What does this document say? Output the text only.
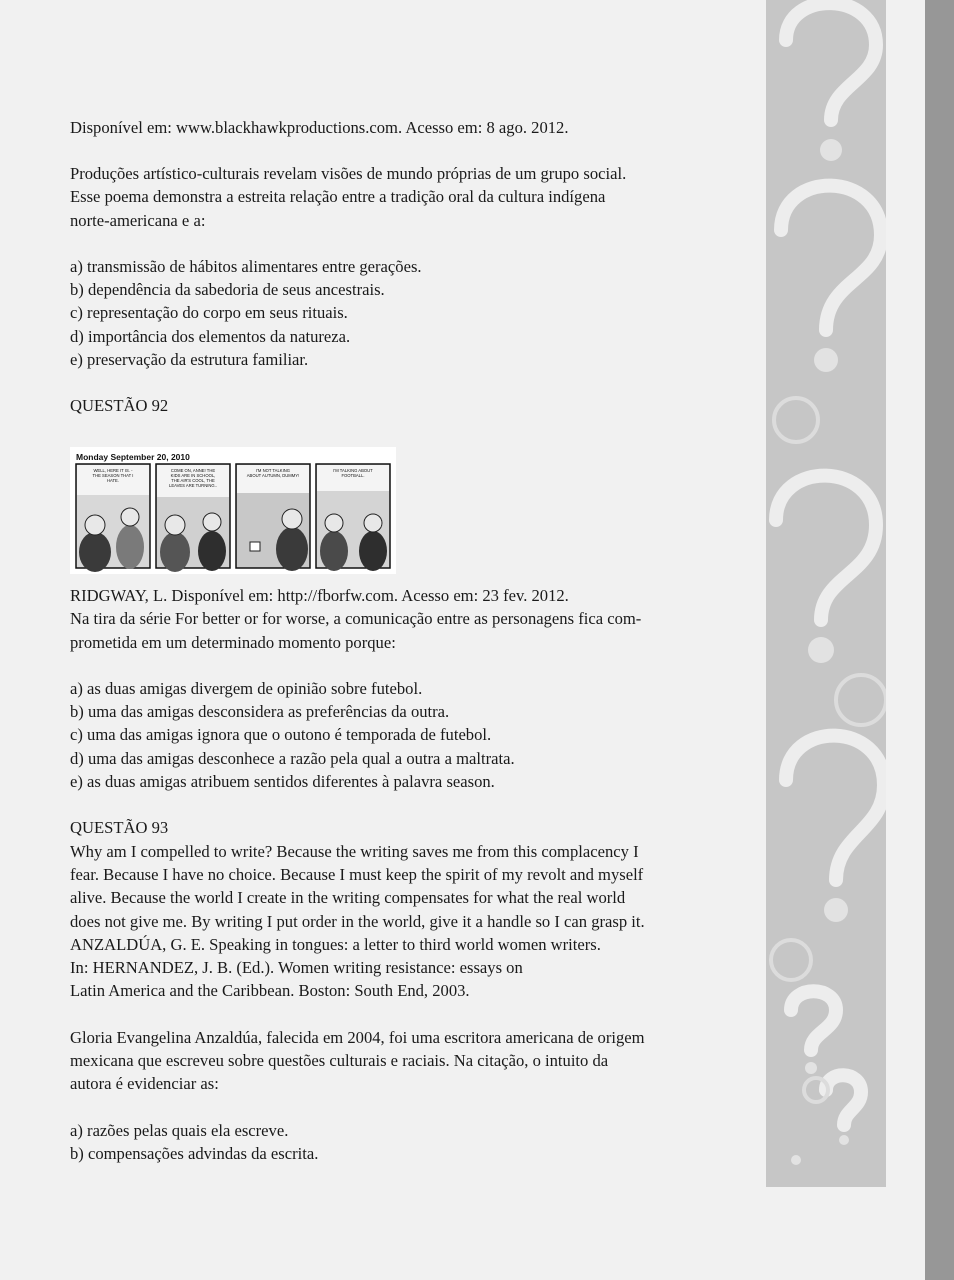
Disponível em: www.blackhawkproductions.com. Acesso em: 8 ago. 2012.

Produções artístico-culturais revelam visões de mundo próprias de um grupo social.

Esse poema demonstra a estreita relação entre a tradição oral da cultura indígena

norte-americana e a:

a) transmissão de hábitos alimentares entre gerações.

b) dependência da sabedoria de seus ancestrais.

c) representação do corpo em seus rituais.

d) importância dos elementos da natureza.

e) preservação da estrutura familiar.

QUESTÃO 92

RIDGWAY, L. Disponível em: http://fborfw.com. Acesso em: 23 fev. 2012.

Na tira da série For better or for worse, a comunicação entre as personagens fica com-

prometida em um determinado momento porque:

a) as duas amigas divergem de opinião sobre futebol.

b) uma das amigas desconsidera as preferências da outra.

c) uma das amigas ignora que o outono é temporada de futebol.

d) uma das amigas desconhece a razão pela qual a outra a maltrata.

e) as duas amigas atribuem sentidos diferentes à palavra season.

QUESTÃO 93

Why am I compelled to write? Because the writing saves me from this complacency I

fear. Because I have no choice. Because I must keep the spirit of my revolt and myself

alive. Because the world I create in the writing compensates for what the real world

does not give me. By writing I put order in the world, give it a handle so I can grasp it.

ANZALDÚA, G. E. Speaking in tongues: a letter to third world women writers.

In: HERNANDEZ, J. B. (Ed.). Women writing resistance: essays on

Latin America and the Caribbean. Boston: South End, 2003.

Gloria Evangelina Anzaldúa, falecida em 2004, foi uma escritora americana de origem

mexicana que escreveu sobre questões culturais e raciais. Na citação, o intuito da

autora é evidenciar as:

a) razões pelas quais ela escreve.

b) compensações advindas da escrita.

Monday September 20, 2010
WELL, HERE IT IS. -THE SEASON THAT I HATE.
COME ON, ANNE! THE KIDS ARE IN SCHOOL, THE AIR'S COOL, THE LEAVES ARE TURNING..
I'M NOT TALKING ABOUT AUTUMN, DUMMY!
I'M TALKING ABOUT FOOTBALL.
